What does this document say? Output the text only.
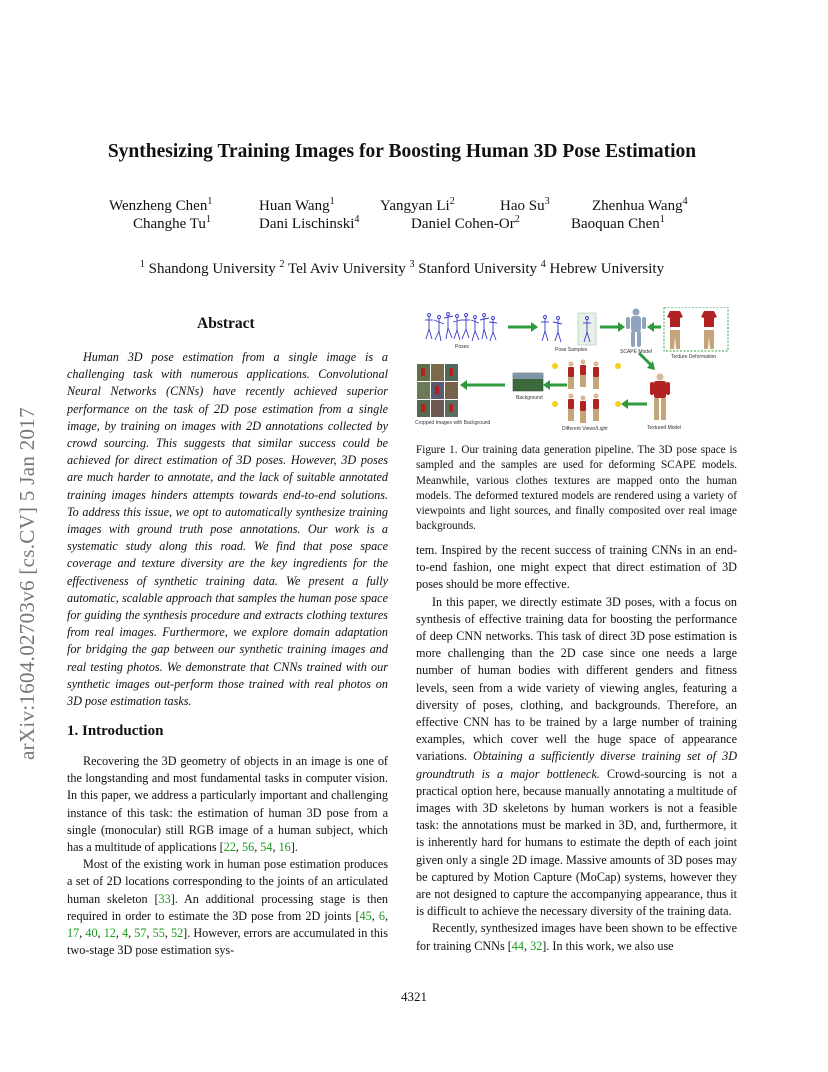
arXiv:1604.02703v6 [cs.CV] 5 Jan 2017
Synthesizing Training Images for Boosting Human 3D Pose Estimation
Wenzheng Chen$^1$	Huan Wang$^1$	Yangyan Li$^2$	Hao Su$^3$	Zhenhua Wang$^4$
Changhe Tu$^1$	Dani Lischinski$^4$	Daniel Cohen-Or$^2$	Baoquan Chen$^1$
$^1$ Shandong University $^2$ Tel Aviv University $^3$ Stanford University $^4$ Hebrew University
Abstract

Human 3D pose estimation from a single image is a challenging task with numerous applications. Convolutional Neural Networks (CNNs) have recently achieved superior performance on the task of 2D pose estimation from a single image, by training on images with 2D annotations collected by crowd sourcing. This suggests that similar success could be achieved for direct estimation of 3D poses. However, 3D poses are much harder to annotate, and the lack of suitable annotated training images hinders attempts towards end-to-end solutions. To address this issue, we opt to automatically synthesize training images with ground truth pose annotations. Our work is a systematic study along this road. We find that pose space coverage and texture diversity are the key ingredients for the effectiveness of synthetic training data. We present a fully automatic, scalable approach that samples the human pose space for guiding the synthesis procedure and extracts clothing textures from real images. Furthermore, we explore domain adaptation for bridging the gap between our synthetic training images and real testing photos. We demonstrate that CNNs trained with our synthetic images out-perform those trained with real photos on 3D pose estimation tasks.

1. Introduction

Recovering the 3D geometry of objects in an image is one of the longstanding and most fundamental tasks in computer vision. In this paper, we address a particularly important and challenging instance of this task: the estimation of human 3D pose from a single (monocular) still RGB image of a human subject, which has a multitude of applications [22, 56, 54, 16].

Most of the existing work in human pose estimation produces a set of 2D locations corresponding to the joints of an articulated human skeleton [33]. An additional processing stage is then required in order to estimate the 3D pose from 2D joints [45, 6, 17, 40, 12, 4, 57, 55, 52]. However, errors are accumulated in this two-stage 3D pose estimation sys-

Poses	Pose Samples	SCAPE Model
Texture Deformation
Background
Cropped Images with Background
Different Views/Light	Textured Model

Figure 1. Our training data generation pipeline. The 3D pose space is sampled and the samples are used for deforming SCAPE models. Meanwhile, various clothes textures are mapped onto the human models. The deformed textured models are rendered using a variety of viewpoints and light sources, and finally composited over real image backgrounds.

tem. Inspired by the recent success of training CNNs in an end-to-end fashion, one might expect that direct estimation of 3D poses should be more effective.

In this paper, we directly estimate 3D poses, with a focus on synthesis of effective training data for boosting the performance of deep CNN networks. This task of direct 3D pose estimation is more challenging than the 2D case since one needs a large number of human bodies with different genders and fitness levels, seen from a wide variety of viewing angles, featuring a diversity of poses, clothing, and backgrounds. Therefore, an effective CNN has to be trained by a large number of training examples, which cover well the huge space of appearance variations. Obtaining a sufficiently diverse training set of 3D groundtruth is a major bottleneck. Crowd-sourcing is not a practical option here, because manually annotating a multitude of images with 3D skeletons by human workers is not a feasible task: the annotations must be marked in 3D, and, furthermore, it is inherently hard for humans to estimate the depth of each joint given only a single 2D image. Massive amounts of 3D poses may be captured by Motion Capture (MoCap) systems, however they are not designed to capture the accompanying appearance, thus it is difficult to achieve the necessary diversity of the training data.

Recently, synthesized images have been shown to be effective for training CNNs [44, 32]. In this work, we also use

4321
